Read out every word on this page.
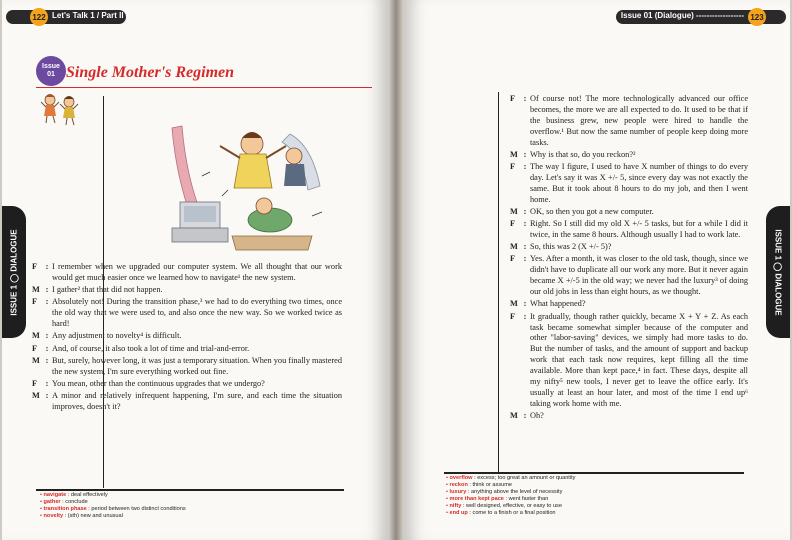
122 Let's Talk 1 / Part II
ISSUE 1 ◯ DIALOGUE
Issue
01 Single Mother's Regimen
F	: I remember when we upgraded our computer system. We all thought that our work would get much easier once we learned how to navigate¹ the new system.
M : I gather² that that did not happen.
F	: Absolutely not! During the transition phase,³ we had to do everything two times, once the old way that we were used to, and also once the new way. So we worked twice as hard!
M : Any adjustment to novelty⁴ is difficult.
F	: And, of course, it also took a lot of time and trial-and-error.
M : But, surely, however long, it was just a temporary situation. When you finally mastered the new system, I'm sure everything worked out fine.
F	: You mean, other than the continuous upgrades that we undergo?
M : A minor and relatively infrequent happening, I'm sure, and each time the situation improves, doesn't it?
• navigate : deal effectively
• gather : conclude
• transition phase : period between two distinct conditions
• novelty : (sth) new and unusual
Issue 01 (Dialogue) ------------------ 123
ISSUE 1 ◯ DIALOGUE
F	: Of course not! The more technologically advanced our office becomes, the more we are all expected to do. It used to be that if the business grew, new people were hired to handle the overflow.¹ But now the same number of people keep doing more tasks.
M : Why is that so, do you reckon?²
F	: The way I figure, I used to have X number of things to do every day. Let's say it was X +/- 5, since every day was not exactly the same. But it took about 8 hours to do my job, and then I went home.
M : OK, so then you got a new computer.
F	: Right. So I still did my old X +/- 5 tasks, but for a while I did it twice, in the same 8 hours. Although usually I had to work late.
M : So, this was 2 (X +/- 5)?
F	: Yes. After a month, it was closer to the old task, though, since we didn't have to duplicate all our work any more. But it never again became X +/-5 in the old way; we never had the luxury³ of doing our old jobs in less than eight hours, as we thought.
M : What happened?
F	: It gradually, though rather quickly, became X + Y + Z. As each task became somewhat simpler because of the computer and other "labor-saving" devices, we simply had more tasks to do. But the number of tasks, and the amount of support and backup work that each task now requires, kept filling all the time available. More than kept pace,⁴ in fact. These days, despite all my nifty⁵ new tools, I never get to leave the office early. It's usually at least an hour later, and most of the time I end up⁶ taking work home with me.
M : Oh?
• overflow : excess; too great an amount or quantity
• reckon : think or assume
• luxury : anything above the level of necessity
• more than kept pace : went faster than
• nifty : well designed, effective, or easy to use
• end up : come to a finish or a final position
